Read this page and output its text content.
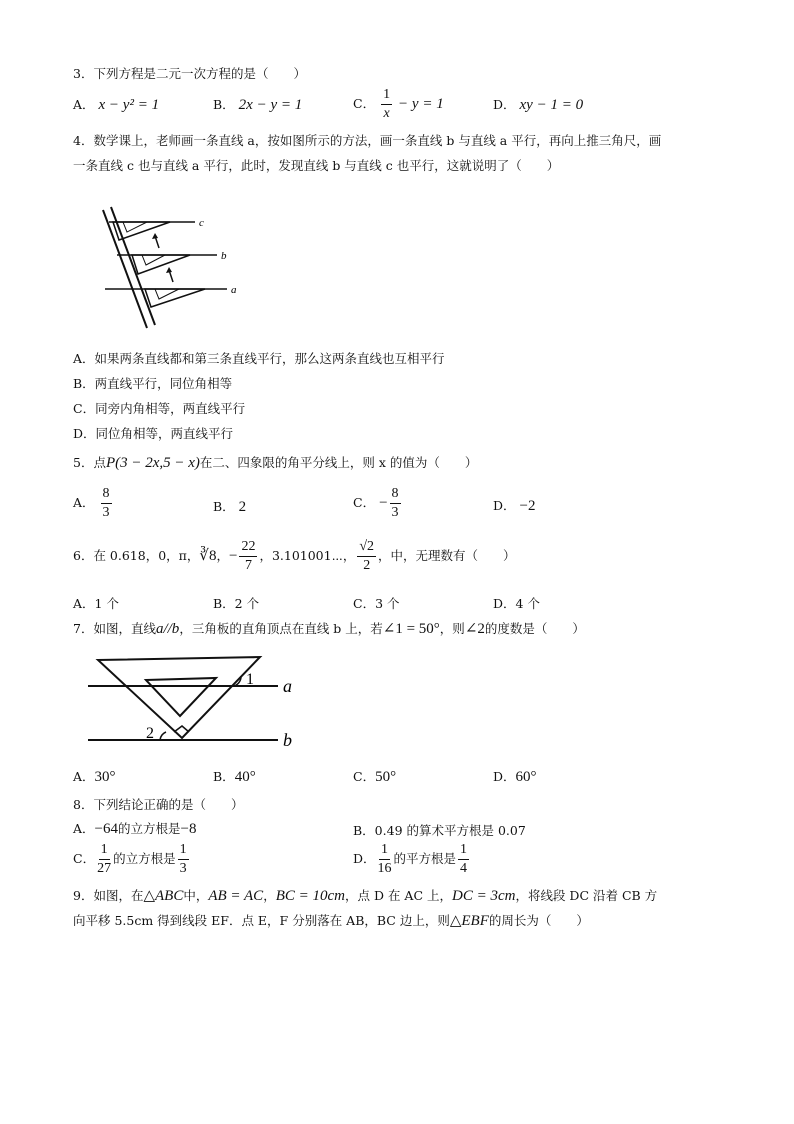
3．下列方程是二元一次方程的是（　　）
A． x − y² = 1	B． 2x − y = 1	C． $\frac{1}{x} - y = 1$	D． xy − 1 = 0
4．数学课上，老师画一条直线 a，按如图所示的方法，画一条直线 b 与直线 a 平行，再向上推三角尺，画
一条直线 c 也与直线 a 平行，此时，发现直线 b 与直线 c 也平行，这就说明了（　　）
c
b
a
A．如果两条直线都和第三条直线平行，那么这两条直线也互相平行
B．两直线平行，同位角相等
C．同旁内角相等，两直线平行
D．同位角相等，两直线平行
5．点P(3 − 2x,5 − x)在二、四象限的角平分线上，则 x 的值为（　　）
A． $\frac{8}{3}$	B． 2	C． − $\frac{8}{3}$	D． −2
6．在 0.618，0，π，∛8，− $\frac{22}{7}$ ，3.101001⋯， $\frac{√2}{2}$ ，中，无理数有（　　）
A．1 个	B．2 个	C．3 个	D．4 个
7．如图，直线a//b，三角板的直角顶点在直线 b 上，若∠1 = 50°，则∠2的度数是（　　）
1
2
a
b
A．30°	B．40°	C．50°	D．60°
8．下列结论正确的是（　　）
A．−64的立方根是−8	B．0.49 的算术平方根是 0.07
C． $\frac{1}{27}$ 的立方根是 $\frac{1}{3}$	D． $\frac{1}{16}$ 的平方根是 $\frac{1}{4}$
9．如图，在△ABC中，AB = AC，BC = 10cm，点 D 在 AC 上，DC = 3cm，将线段 DC 沿着 CB 方
向平移 5.5cm 得到线段 EF．点 E，F 分别落在 AB，BC 边上，则△EBF的周长为（　　）
